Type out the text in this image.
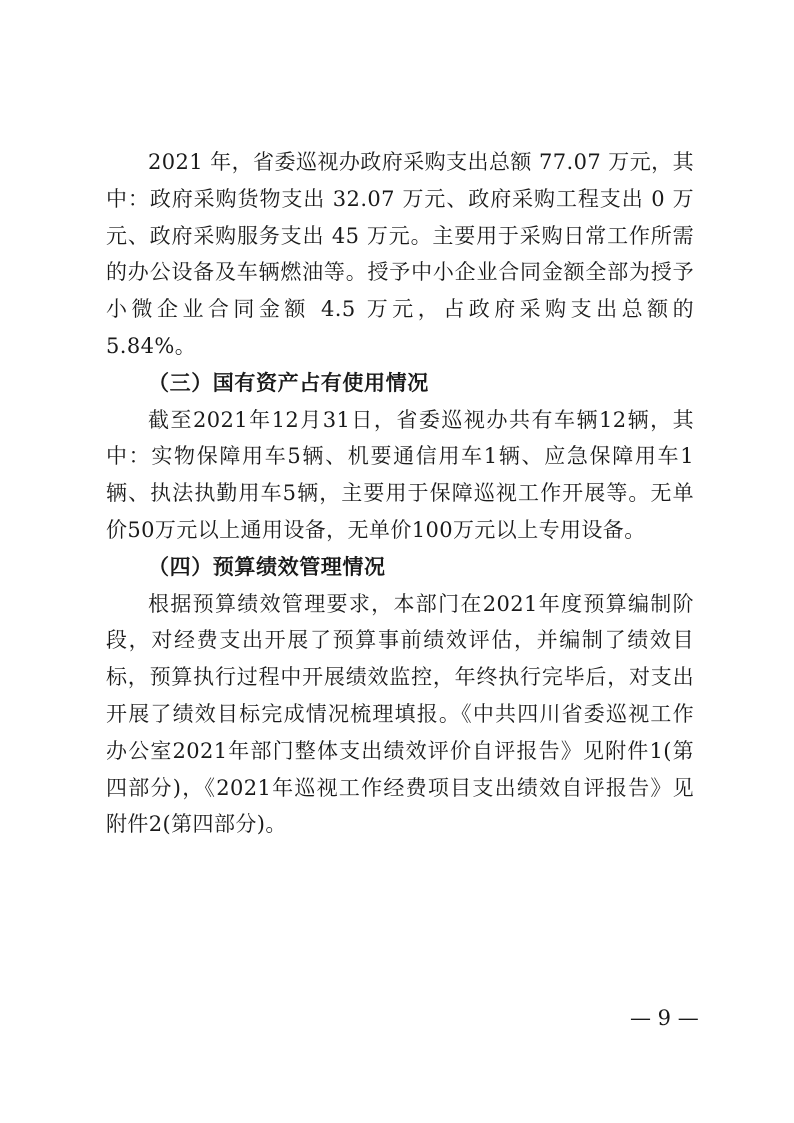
2021 年，省委巡视办政府采购支出总额 77.07 万元，其中：政府采购货物支出 32.07 万元、政府采购工程支出 0 万元、政府采购服务支出 45 万元。主要用于采购日常工作所需的办公设备及车辆燃油等。授予中小企业合同金额全部为授予小微企业合同金额 4.5 万元，占政府采购支出总额的 5.84%。

（三）国有资产占有使用情况

截至2021年12月31日，省委巡视办共有车辆12辆，其中：实物保障用车5辆、机要通信用车1辆、应急保障用车1辆、执法执勤用车5辆，主要用于保障巡视工作开展等。无单价50万元以上通用设备，无单价100万元以上专用设备。

（四）预算绩效管理情况

根据预算绩效管理要求，本部门在2021年度预算编制阶段，对经费支出开展了预算事前绩效评估，并编制了绩效目标，预算执行过程中开展绩效监控，年终执行完毕后，对支出开展了绩效目标完成情况梳理填报。《中共四川省委巡视工作办公室2021年部门整体支出绩效评价自评报告》见附件1(第四部分)，《2021年巡视工作经费项目支出绩效自评报告》见附件2(第四部分)。

— 9 —
